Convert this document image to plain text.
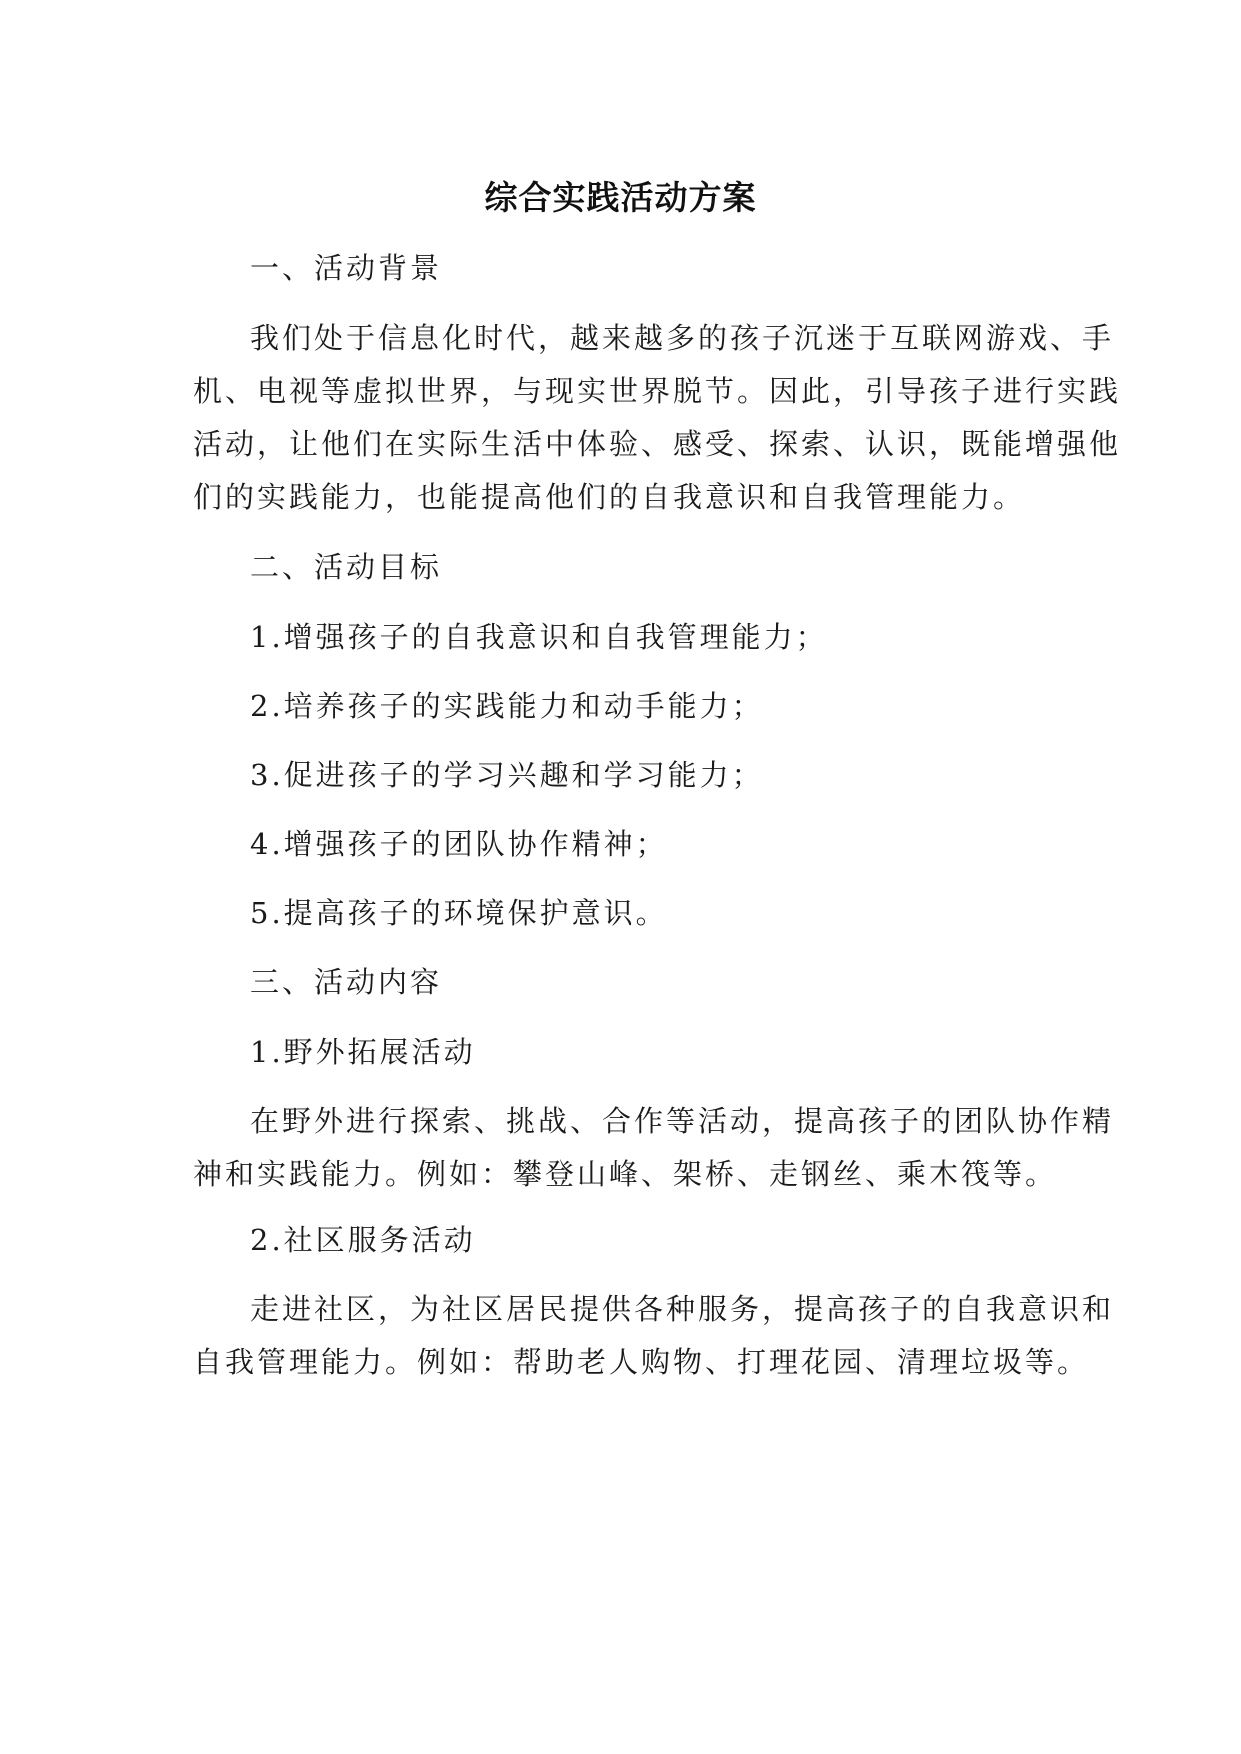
综合实践活动方案
一、活动背景
我们处于信息化时代，越来越多的孩子沉迷于互联网游戏、手
机、电视等虚拟世界，与现实世界脱节。因此，引导孩子进行实践
活动，让他们在实际生活中体验、感受、探索、认识，既能增强他
们的实践能力，也能提高他们的自我意识和自我管理能力。
二、活动目标
1.增强孩子的自我意识和自我管理能力；
2.培养孩子的实践能力和动手能力；
3.促进孩子的学习兴趣和学习能力；
4.增强孩子的团队协作精神；
5.提高孩子的环境保护意识。
三、活动内容
1.野外拓展活动
在野外进行探索、挑战、合作等活动，提高孩子的团队协作精
神和实践能力。例如：攀登山峰、架桥、走钢丝、乘木筏等。
2.社区服务活动
走进社区，为社区居民提供各种服务，提高孩子的自我意识和
自我管理能力。例如：帮助老人购物、打理花园、清理垃圾等。
